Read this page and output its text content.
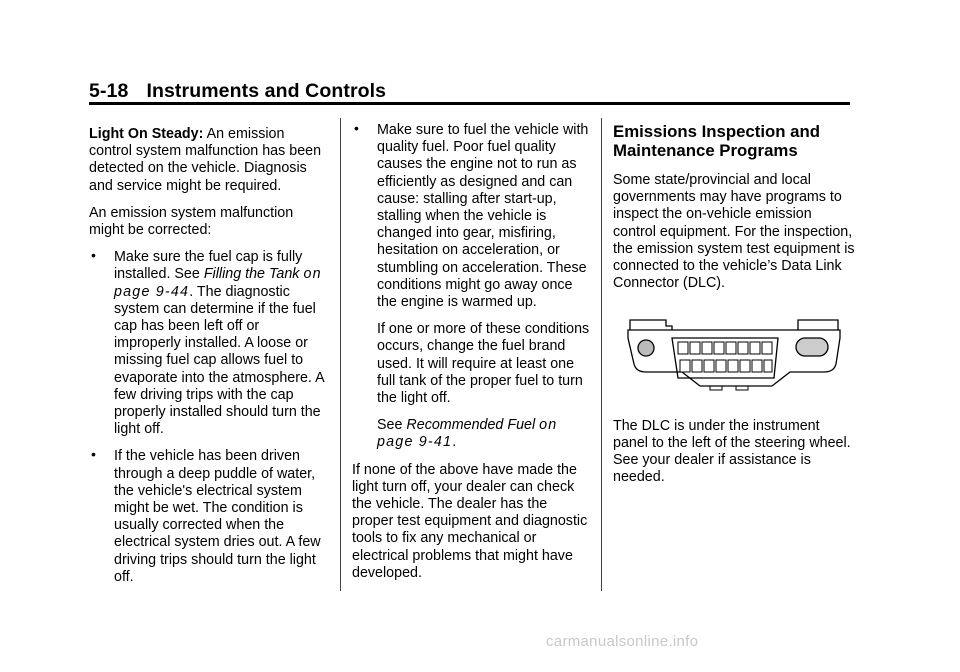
5-18 Instruments and Controls

Light On Steady: An emission control system malfunction has been detected on the vehicle. Diagnosis and service might be required.

An emission system malfunction might be corrected:

• Make sure the fuel cap is fully installed. See Filling the Tank on page 9‑44. The diagnostic system can determine if the fuel cap has been left off or improperly installed. A loose or missing fuel cap allows fuel to evaporate into the atmosphere. A few driving trips with the cap properly installed should turn the light off.
• If the vehicle has been driven through a deep puddle of water, the vehicle's electrical system might be wet. The condition is usually corrected when the electrical system dries out. A few driving trips should turn the light off.
• Make sure to fuel the vehicle with quality fuel. Poor fuel quality causes the engine not to run as efficiently as designed and can cause: stalling after start-up, stalling when the vehicle is changed into gear, misfiring, hesitation on acceleration, or stumbling on acceleration. These conditions might go away once the engine is warmed up.

If one or more of these conditions occurs, change the fuel brand used. It will require at least one full tank of the proper fuel to turn the light off.

See Recommended Fuel on page 9‑41.

If none of the above have made the light turn off, your dealer can check the vehicle. The dealer has the proper test equipment and diagnostic tools to fix any mechanical or electrical problems that might have developed.

Emissions Inspection and Maintenance Programs

Some state/provincial and local governments may have programs to inspect the on-vehicle emission control equipment. For the inspection, the emission system test equipment is connected to the vehicle’s Data Link Connector (DLC).

The DLC is under the instrument panel to the left of the steering wheel. See your dealer if assistance is needed.

carmanualsonline.info
